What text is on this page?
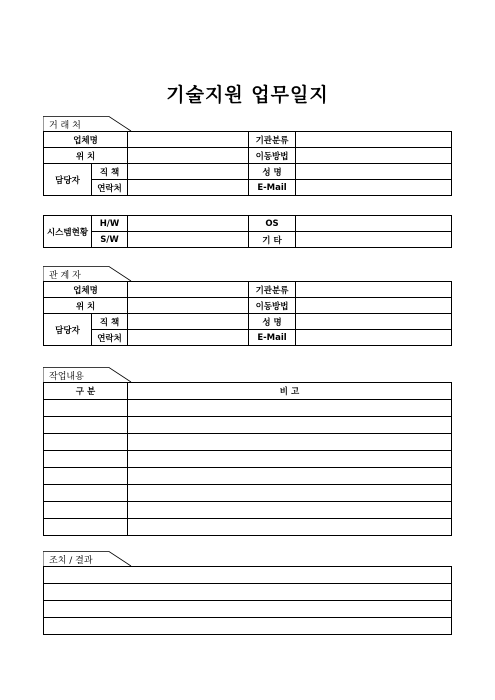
기술지원 업무일지
거 래 처
업체명			기관분류	
위 치			이동방법	
담당자	직 책		성 명	
	연락처		E-Mail	
시스템현황	H/W		OS	
	S/W		기 타	
관 계 자
업체명			기관분류	
위 치			이동방법	
담당자	직 책		성 명	
	연락처		E-Mail	
작업내용
구 분	비 고

조치 / 결과
